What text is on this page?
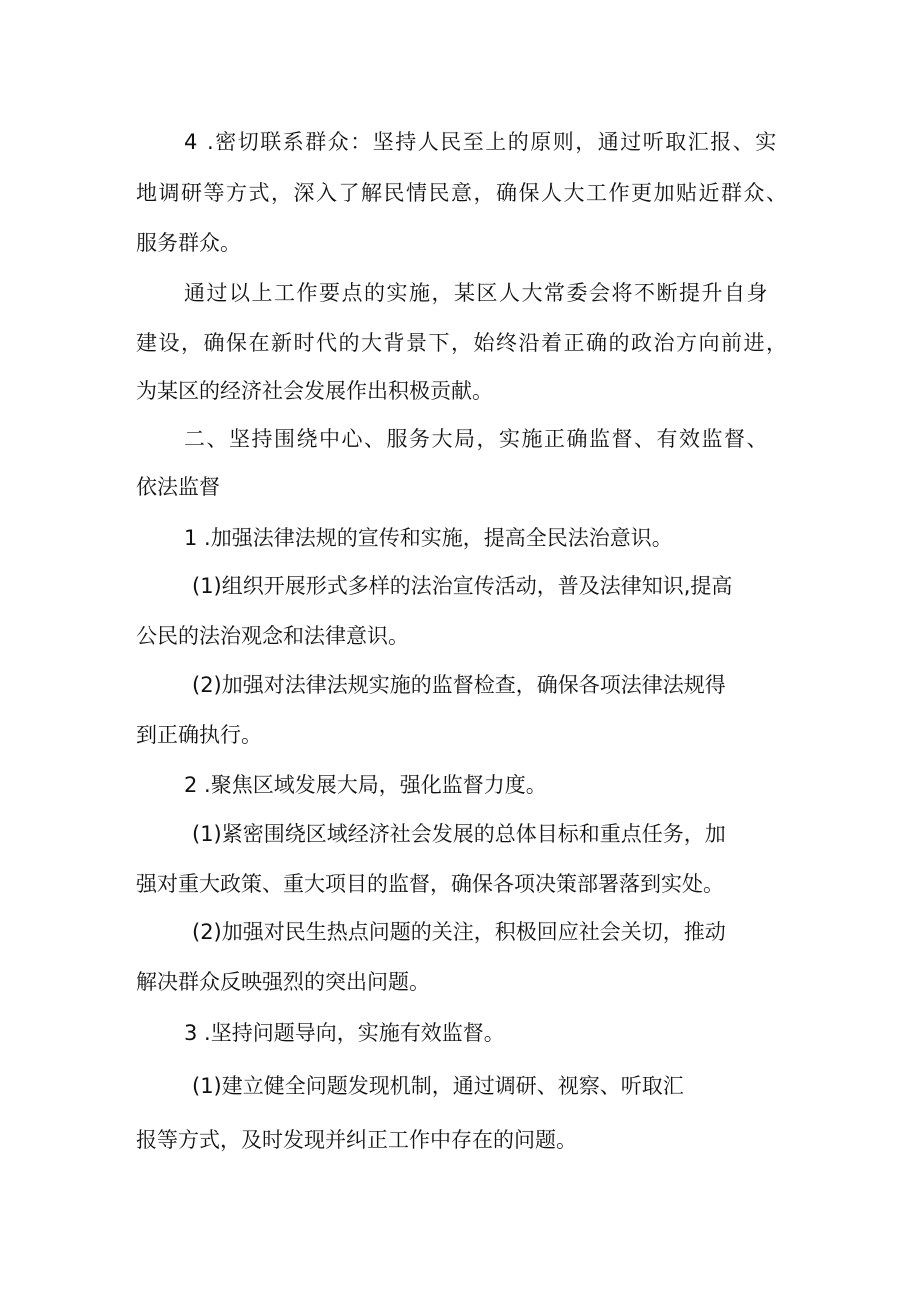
4 .密切联系群众：坚持人民至上的原则，通过听取汇报、实
地调研等方式，深入了解民情民意，确保人大工作更加贴近群众、
服务群众。
通过以上工作要点的实施，某区人大常委会将不断提升自身
建设，确保在新时代的大背景下，始终沿着正确的政治方向前进，
为某区的经济社会发展作出积极贡献。
二、坚持围绕中心、服务大局，实施正确监督、有效监督、
依法监督
1 .加强法律法规的宣传和实施，提高全民法治意识。
(1)组织开展形式多样的法治宣传活动，普及法律知识,提高
公民的法治观念和法律意识。
(2)加强对法律法规实施的监督检查，确保各项法律法规得
到正确执行。
2 .聚焦区域发展大局，强化监督力度。
(1)紧密围绕区域经济社会发展的总体目标和重点任务，加
强对重大政策、重大项目的监督，确保各项决策部署落到实处。
(2)加强对民生热点问题的关注，积极回应社会关切，推动
解决群众反映强烈的突出问题。
3 .坚持问题导向，实施有效监督。
(1)建立健全问题发现机制，通过调研、视察、听取汇
报等方式，及时发现并纠正工作中存在的问题。
